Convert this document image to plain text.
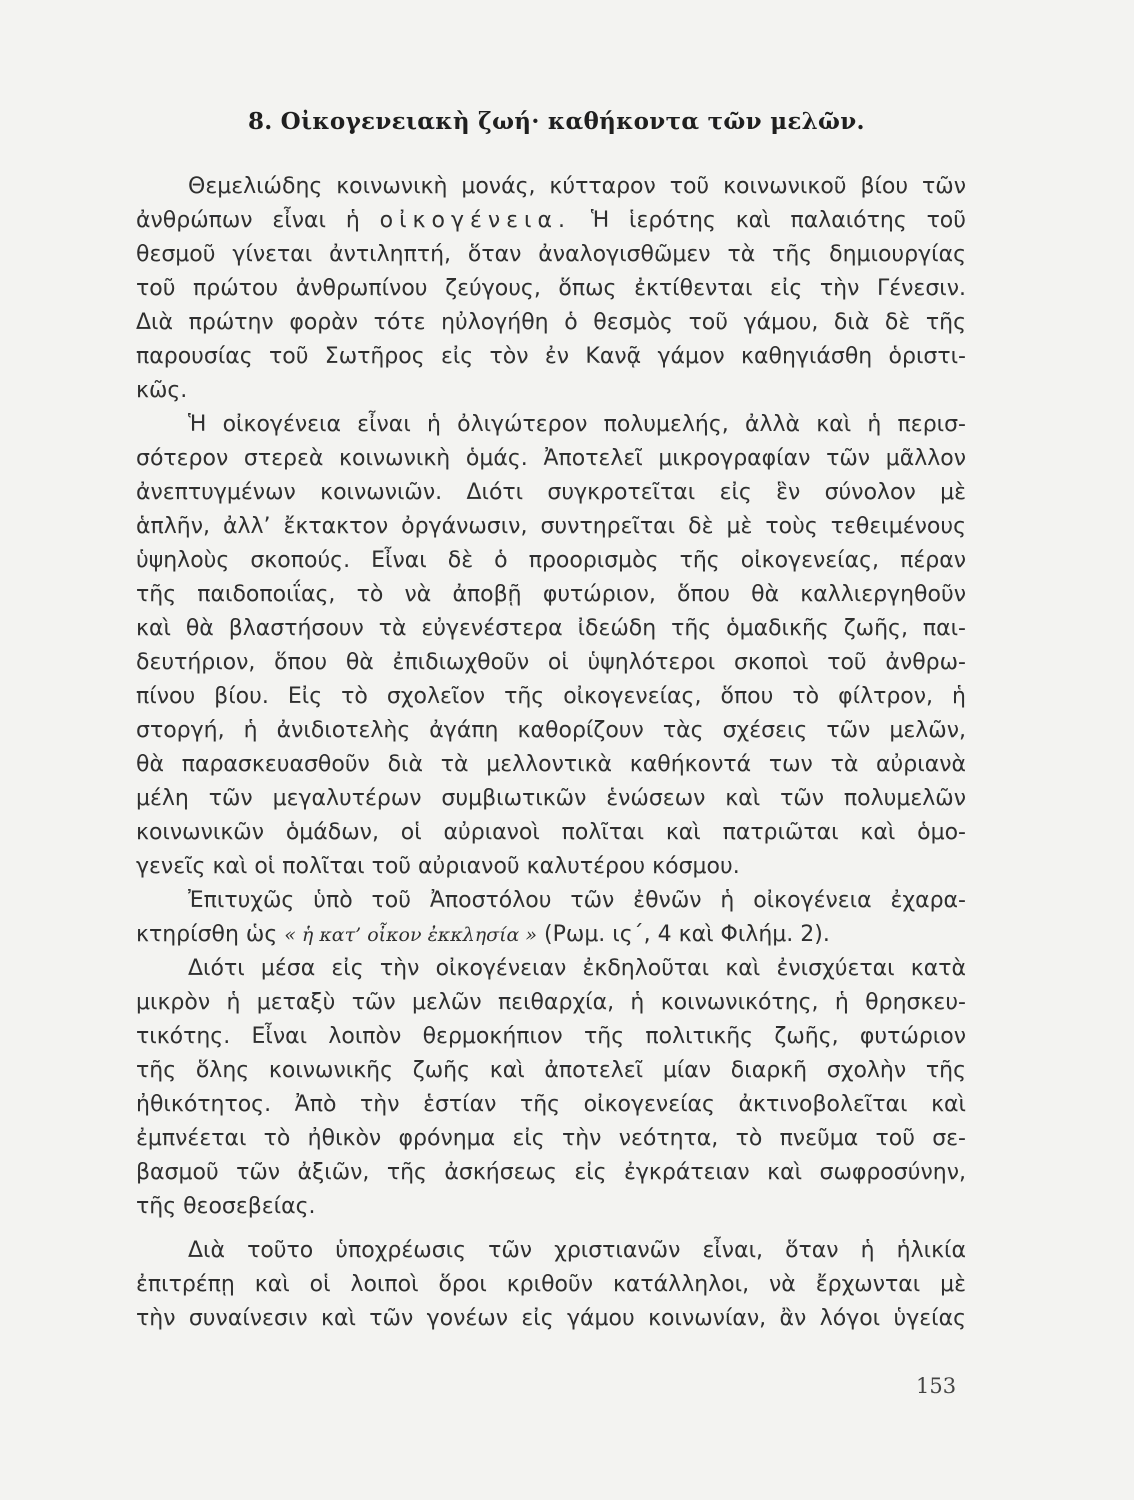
8. Οἰκογενειακὴ ζωή· καθήκοντα τῶν μελῶν.
Θεμελιώδης κοινωνικὴ μονάς, κύτταρον τοῦ κοινωνικοῦ βίου τῶν
ἀνθρώπων εἶναι ἡ οἰκογένεια. Ἡ ἱερότης καὶ παλαιότης τοῦ
θεσμοῦ γίνεται ἀντιληπτή, ὅταν ἀναλογισθῶμεν τὰ τῆς δημιουργίας
τοῦ πρώτου ἀνθρωπίνου ζεύγους, ὅπως ἐκτίθενται εἰς τὴν Γένεσιν.
Διὰ πρώτην φορὰν τότε ηὐλογήθη ὁ θεσμὸς τοῦ γάμου, διὰ δὲ τῆς
παρουσίας τοῦ Σωτῆρος εἰς τὸν ἐν Κανᾷ γάμον καθηγιάσθη ὁριστι-
κῶς.
Ἡ οἰκογένεια εἶναι ἡ ὀλιγώτερον πολυμελής, ἀλλὰ καὶ ἡ περισ-
σότερον στερεὰ κοινωνικὴ ὁμάς. Ἀποτελεῖ μικρογραφίαν τῶν μᾶλλον
ἀνεπτυγμένων κοινωνιῶν. Διότι συγκροτεῖται εἰς ἓν σύνολον μὲ
ἁπλῆν, ἀλλ’ ἔκτακτον ὀργάνωσιν, συντηρεῖται δὲ μὲ τοὺς τεθειμένους
ὑψηλοὺς σκοπούς. Εἶναι δὲ ὁ προορισμὸς τῆς οἰκογενείας, πέραν
τῆς παιδοποιΐας, τὸ νὰ ἀποβῇ φυτώριον, ὅπου θὰ καλλιεργηθοῦν
καὶ θὰ βλαστήσουν τὰ εὐγενέστερα ἰδεώδη τῆς ὁμαδικῆς ζωῆς, παι-
δευτήριον, ὅπου θὰ ἐπιδιωχθοῦν οἱ ὑψηλότεροι σκοποὶ τοῦ ἀνθρω-
πίνου βίου. Εἰς τὸ σχολεῖον τῆς οἰκογενείας, ὅπου τὸ φίλτρον, ἡ
στοργή, ἡ ἀνιδιοτελὴς ἀγάπη καθορίζουν τὰς σχέσεις τῶν μελῶν,
θὰ παρασκευασθοῦν διὰ τὰ μελλοντικὰ καθήκοντά των τὰ αὐριανὰ
μέλη τῶν μεγαλυτέρων συμβιωτικῶν ἑνώσεων καὶ τῶν πολυμελῶν
κοινωνικῶν ὁμάδων, οἱ αὐριανοὶ πολῖται καὶ πατριῶται καὶ ὁμο-
γενεῖς καὶ οἱ πολῖται τοῦ αὐριανοῦ καλυτέρου κόσμου.
Ἐπιτυχῶς ὑπὸ τοῦ Ἀποστόλου τῶν ἐθνῶν ἡ οἰκογένεια ἐχαρα-
κτηρίσθη ὡς « ἡ κατ’ οἶκον ἐκκλησία » (Ρωμ. ις΄, 4 καὶ Φιλήμ. 2).
Διότι μέσα εἰς τὴν οἰκογένειαν ἐκδηλοῦται καὶ ἐνισχύεται κατὰ
μικρὸν ἡ μεταξὺ τῶν μελῶν πειθαρχία, ἡ κοινωνικότης, ἡ θρησκευ-
τικότης. Εἶναι λοιπὸν θερμοκήπιον τῆς πολιτικῆς ζωῆς, φυτώριον
τῆς ὅλης κοινωνικῆς ζωῆς καὶ ἀποτελεῖ μίαν διαρκῆ σχολὴν τῆς
ἠθικότητος. Ἀπὸ τὴν ἑστίαν τῆς οἰκογενείας ἀκτινοβολεῖται καὶ
ἐμπνέεται τὸ ἠθικὸν φρόνημα εἰς τὴν νεότητα, τὸ πνεῦμα τοῦ σε-
βασμοῦ τῶν ἀξιῶν, τῆς ἀσκήσεως εἰς ἐγκράτειαν καὶ σωφροσύνην,
τῆς θεοσεβείας.
Διὰ τοῦτο ὑποχρέωσις τῶν χριστιανῶν εἶναι, ὅταν ἡ ἡλικία
ἐπιτρέπῃ καὶ οἱ λοιποὶ ὅροι κριθοῦν κατάλληλοι, νὰ ἔρχωνται μὲ
τὴν συναίνεσιν καὶ τῶν γονέων εἰς γάμου κοινωνίαν, ἂν λόγοι ὑγείας
153
